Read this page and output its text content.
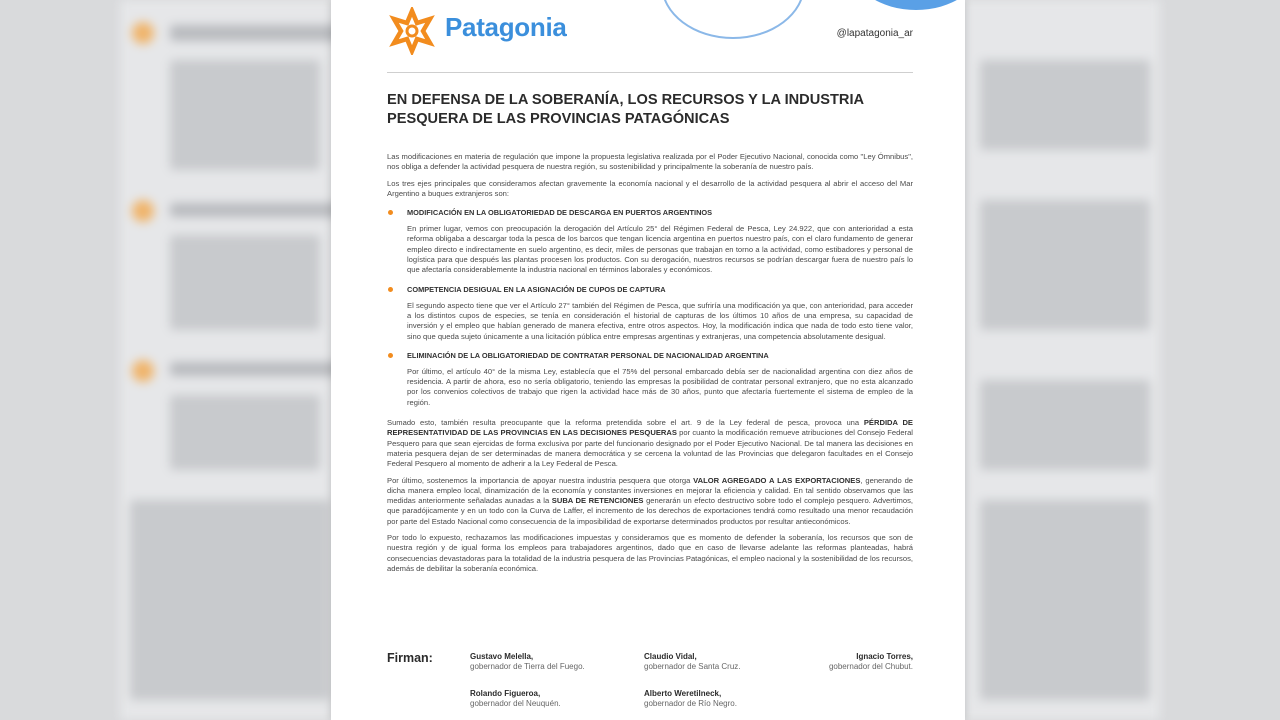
Patagonia	@lapatagonia_ar
EN DEFENSA DE LA SOBERANÍA, LOS RECURSOS Y LA INDUSTRIA PESQUERA DE LAS PROVINCIAS PATAGÓNICAS

Las modificaciones en materia de regulación que impone la propuesta legislativa realizada por el Poder Ejecutivo Nacional, conocida como "Ley Ómnibus", nos obliga a defender la actividad pesquera de nuestra región, su sostenibilidad y principalmente la soberanía de nuestro país.

Los tres ejes principales que consideramos afectan gravemente la economía nacional y el desarrollo de la actividad pesquera al abrir el acceso del Mar Argentino a buques extranjeros son:

MODIFICACIÓN EN LA OBLIGATORIEDAD DE DESCARGA EN PUERTOS ARGENTINOS

En primer lugar, vemos con preocupación la derogación del Artículo 25° del Régimen Federal de Pesca, Ley 24.922, que con anterioridad a esta reforma obligaba a descargar toda la pesca de los barcos que tengan licencia argentina en puertos nuestro país, con el claro fundamento de generar empleo directo e indirectamente en suelo argentino, es decir, miles de personas que trabajan en torno a la actividad, como estibadores y personal de logística para que después las plantas procesen los productos. Con su derogación, nuestros recursos se podrían descargar fuera de nuestro país lo que afectaría considerablemente la industria nacional en términos laborales y económicos.

COMPETENCIA DESIGUAL EN LA ASIGNACIÓN DE CUPOS DE CAPTURA

El segundo aspecto tiene que ver el Artículo 27° también del Régimen de Pesca, que sufriría una modificación ya que, con anterioridad, para acceder a los distintos cupos de especies, se tenía en consideración el historial de capturas de los últimos 10 años de una empresa, su capacidad de inversión y el empleo que habían generado de manera efectiva, entre otros aspectos. Hoy, la modificación indica que nada de todo esto tiene valor, sino que queda sujeto únicamente a una licitación pública entre empresas argentinas y extranjeras, una competencia absolutamente desigual.

ELIMINACIÓN DE LA OBLIGATORIEDAD DE CONTRATAR PERSONAL DE NACIONALIDAD ARGENTINA

Por último, el artículo 40° de la misma Ley, establecía que el 75% del personal embarcado debía ser de nacionalidad argentina con diez años de residencia. A partir de ahora, eso no sería obligatorio, teniendo las empresas la posibilidad de contratar personal extranjero, que no esta alcanzado por los convenios colectivos de trabajo que rigen la actividad hace más de 30 años, punto que afectaría fuertemente el sistema de empleo de la región.

Sumado esto, también resulta preocupante que la reforma pretendida sobre el art. 9 de la Ley federal de pesca, provoca una PÉRDIDA DE REPRESENTATIVIDAD DE LAS PROVINCIAS EN LAS DECISIONES PESQUERAS por cuanto la modificación remueve atribuciones del Consejo Federal Pesquero para que sean ejercidas de forma exclusiva por parte del funcionario designado por el Poder Ejecutivo Nacional. De tal manera las decisiones en materia pesquera dejan de ser determinadas de manera democrática y se cercena la voluntad de las Provincias que delegaron facultades en el Consejo Federal Pesquero al momento de adherir a la Ley Federal de Pesca.

Por último, sostenemos la importancia de apoyar nuestra industria pesquera que otorga VALOR AGREGADO A LAS EXPORTACIONES, generando de dicha manera empleo local, dinamización de la economía y constantes inversiones en mejorar la eficiencia y calidad. En tal sentido observamos que las medidas anteriormente señaladas aunadas a la SUBA DE RETENCIONES generarán un efecto destructivo sobre todo el complejo pesquero. Advertimos, que paradójicamente y en un todo con la Curva de Laffer, el incremento de los derechos de exportaciones tendrá como resultado una menor recaudación por parte del Estado Nacional como consecuencia de la imposibilidad de exportarse determinados productos por resultar antieconómicos.

Por todo lo expuesto, rechazamos las modificaciones impuestas y consideramos que es momento de defender la soberanía, los recursos que son de nuestra región y de igual forma los empleos para trabajadores argentinos, dado que en caso de llevarse adelante las reformas planteadas, habrá consecuencias devastadoras para la totalidad de la industria pesquera de las Provincias Patagónicas, el empleo nacional y la sostenibilidad de los recursos, además de debilitar la soberanía económica.

Firman:	Gustavo Melella,
gobernador de Tierra del Fuego.
Claudio Vidal,
gobernador de Santa Cruz.
Ignacio Torres,
gobernador del Chubut.
Rolando Figueroa,
gobernador del Neuquén.
Alberto Weretilneck,
gobernador de Río Negro.
